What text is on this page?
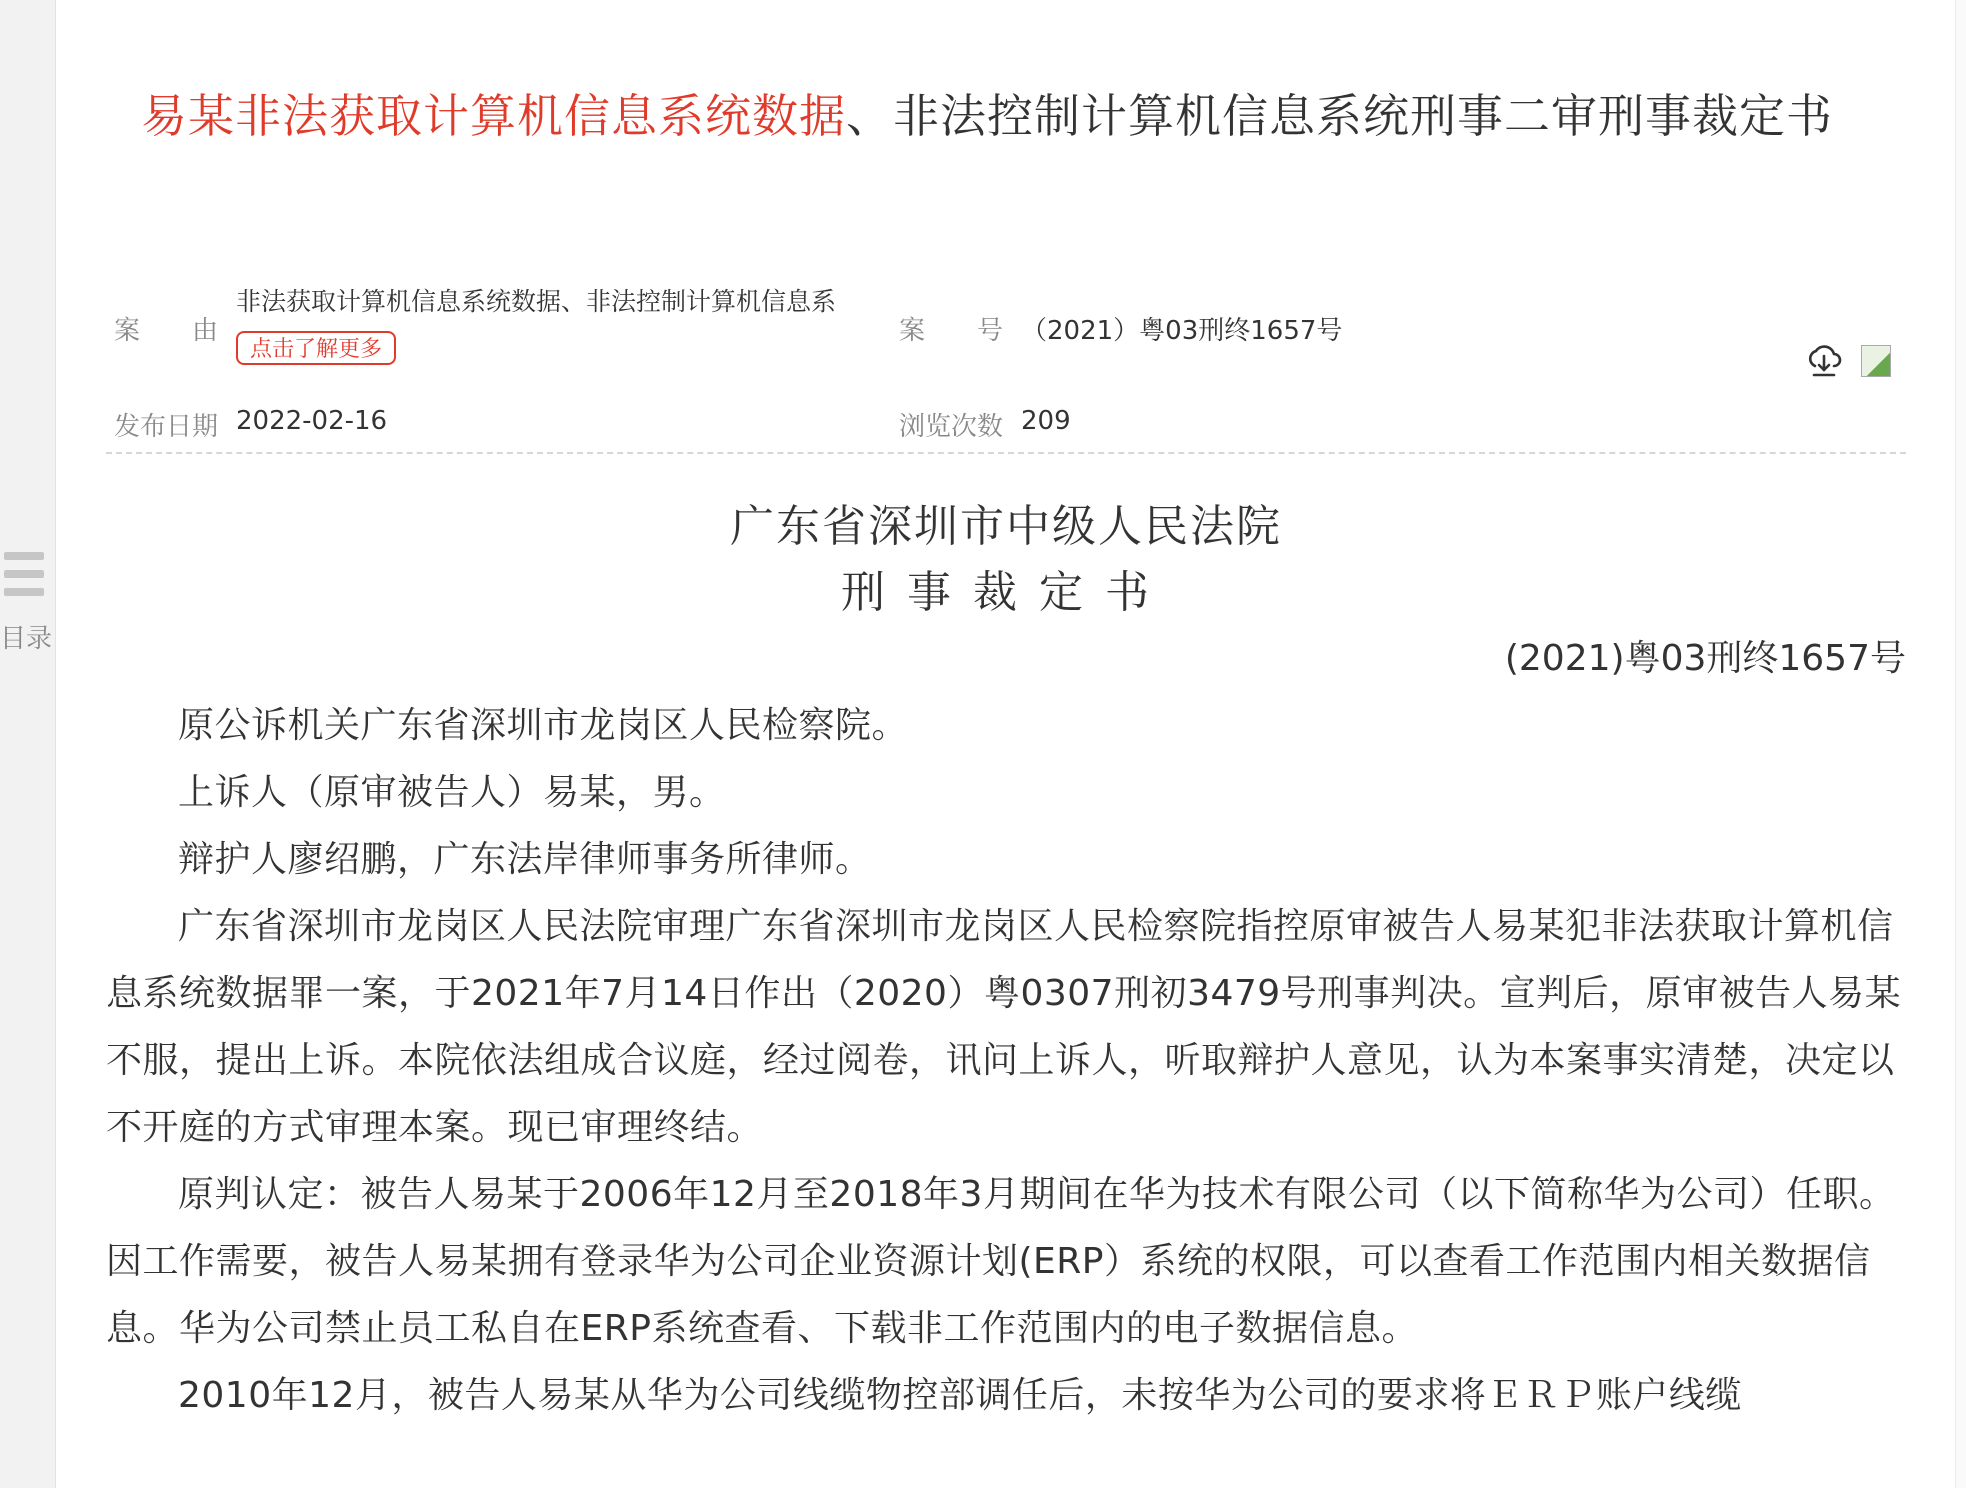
目录
易某非法获取计算机信息系统数据、非法控制计算机信息系统刑事二审刑事裁定书
案　　由
非法获取计算机信息系统数据、非法控制计算机信息系
点击了解更多
案　　号 （2021）粤03刑终1657号
发布日期 2022-02-16	浏览次数 209
广东省深圳市中级人民法院
刑事裁定书
(2021)粤03刑终1657号

原公诉机关广东省深圳市龙岗区人民检察院。

上诉人（原审被告人）易某，男。

辩护人廖绍鹏，广东法岸律师事务所律师。

广东省深圳市龙岗区人民法院审理广东省深圳市龙岗区人民检察院指控原审被告人易某犯非法获取计算机信息系统数据罪一案，于2021年7月14日作出（2020）粤0307刑初3479号刑事判决。宣判后，原审被告人易某不服，提出上诉。本院依法组成合议庭，经过阅卷，讯问上诉人，听取辩护人意见，认为本案事实清楚，决定以不开庭的方式审理本案。现已审理终结。

原判认定：被告人易某于2006年12月至2018年3月期间在华为技术有限公司（以下简称华为公司）任职。因工作需要，被告人易某拥有登录华为公司企业资源计划(ERP）系统的权限，可以查看工作范围内相关数据信息。华为公司禁止员工私自在ERP系统查看、下载非工作范围内的电子数据信息。

2010年12月，被告人易某从华为公司线缆物控部调任后，未按华为公司的要求将ＥＲＰ账户线缆
